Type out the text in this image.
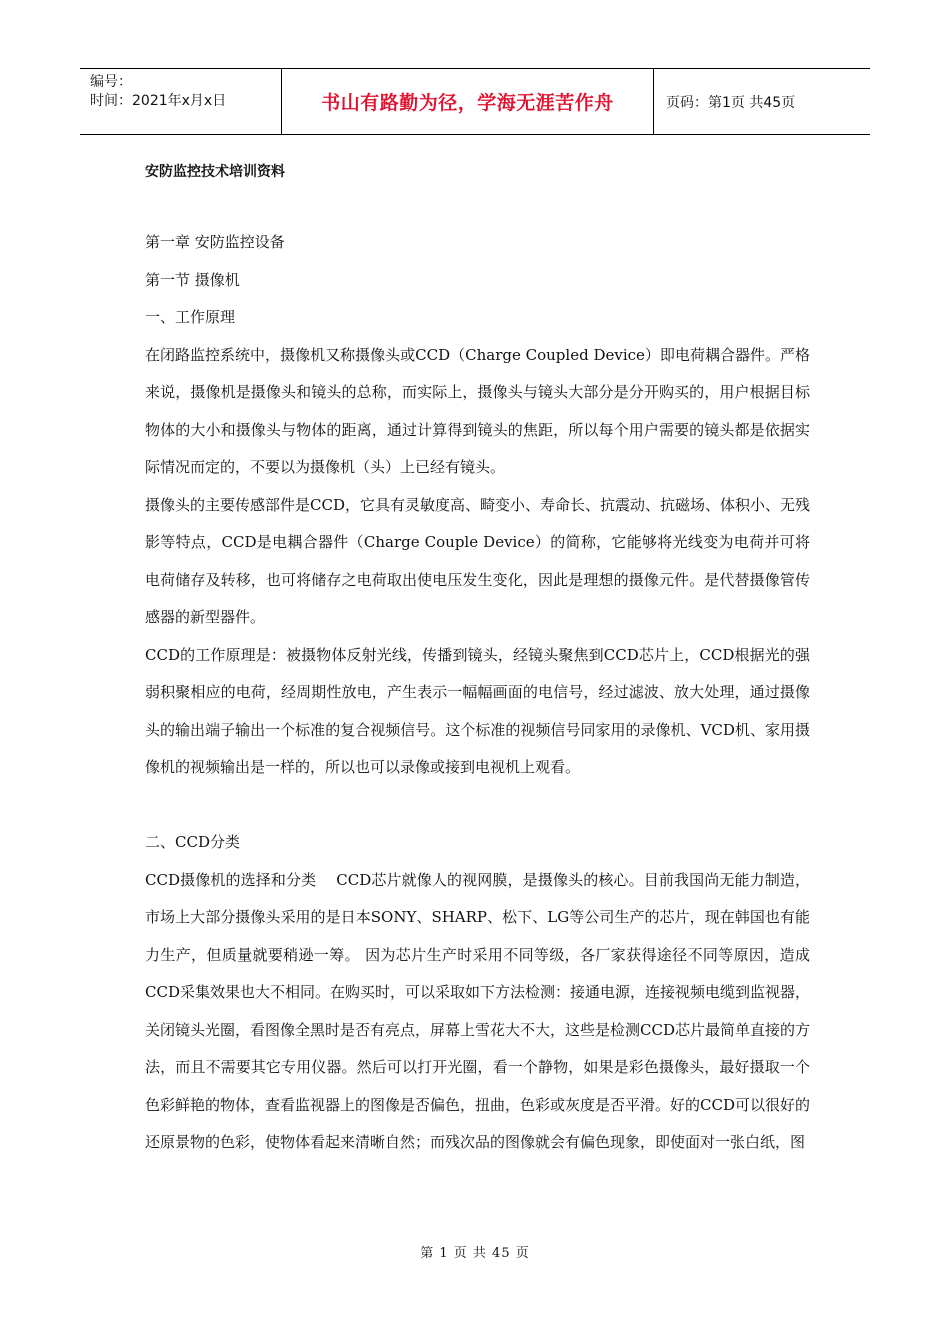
编号：
时间：2021年x月x日	书山有路勤为径，学海无涯苦作舟	页码：第1页 共45页

安防监控技术培训资料

第一章 安防监控设备

第一节 摄像机

一、工作原理

在闭路监控系统中，摄像机又称摄像头或CCD（Charge Coupled Device）即电荷耦合器件。严格来说，摄像机是摄像头和镜头的总称，而实际上，摄像头与镜头大部分是分开购买的，用户根据目标物体的大小和摄像头与物体的距离，通过计算得到镜头的焦距，所以每个用户需要的镜头都是依据实际情况而定的，不要以为摄像机（头）上已经有镜头。

摄像头的主要传感部件是CCD，它具有灵敏度高、畸变小、寿命长、抗震动、抗磁场、体积小、无残影等特点，CCD是电耦合器件（Charge Couple Device）的简称，它能够将光线变为电荷并可将电荷储存及转移，也可将储存之电荷取出使电压发生变化，因此是理想的摄像元件。是代替摄像管传感器的新型器件。

CCD的工作原理是：被摄物体反射光线，传播到镜头，经镜头聚焦到CCD芯片上，CCD根据光的强弱积聚相应的电荷，经周期性放电，产生表示一幅幅画面的电信号，经过滤波、放大处理，通过摄像头的输出端子输出一个标准的复合视频信号。这个标准的视频信号同家用的录像机、VCD机、家用摄像机的视频输出是一样的，所以也可以录像或接到电视机上观看。

二、CCD分类

CCD摄像机的选择和分类　 CCD芯片就像人的视网膜，是摄像头的核心。目前我国尚无能力制造，市场上大部分摄像头采用的是日本SONY、SHARP、松下、LG等公司生产的芯片，现在韩国也有能力生产，但质量就要稍逊一筹。 因为芯片生产时采用不同等级，各厂家获得途径不同等原因，造成CCD采集效果也大不相同。在购买时，可以采取如下方法检测：接通电源，连接视频电缆到监视器，关闭镜头光圈，看图像全黑时是否有亮点，屏幕上雪花大不大，这些是检测CCD芯片最简单直接的方法，而且不需要其它专用仪器。然后可以打开光圈，看一个静物，如果是彩色摄像头，最好摄取一个色彩鲜艳的物体，查看监视器上的图像是否偏色，扭曲，色彩或灰度是否平滑。好的CCD可以很好的还原景物的色彩，使物体看起来清晰自然；而残次品的图像就会有偏色现象，即使面对一张白纸，图

第 1 页 共 45 页
